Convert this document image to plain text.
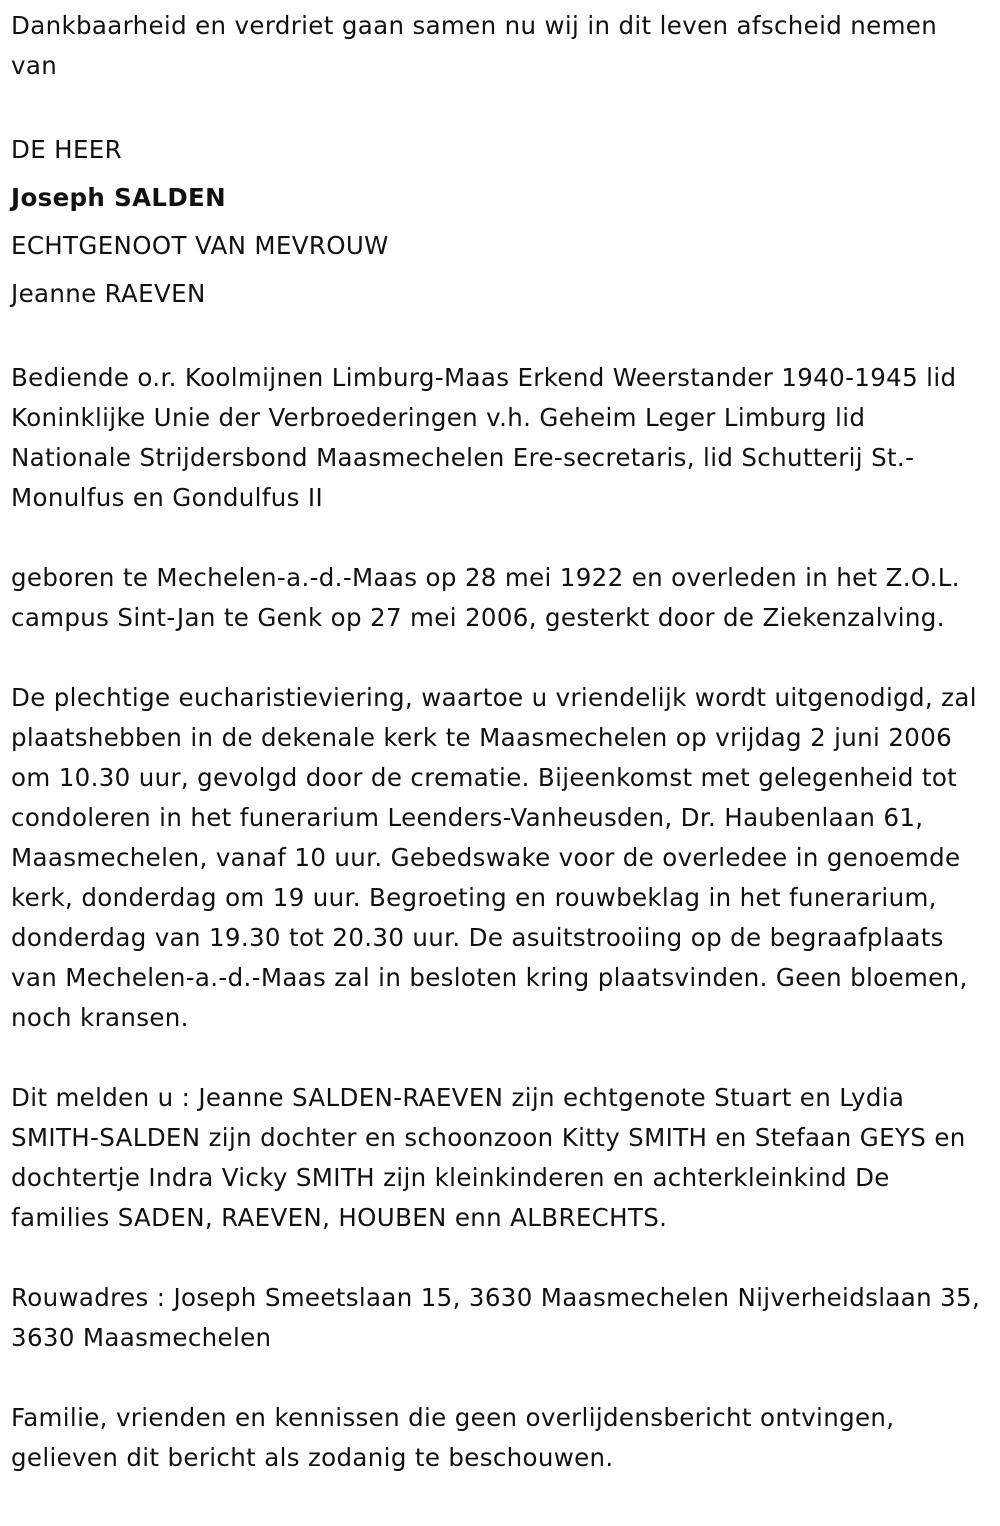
Dankbaarheid en verdriet gaan samen nu wij in dit leven afscheid nemen van

DE HEER

Joseph SALDEN

ECHTGENOOT VAN MEVROUW

Jeanne RAEVEN

Bediende o.r. Koolmijnen Limburg-Maas Erkend Weerstander 1940-1945 lid Koninklijke Unie der Verbroederingen v.h. Geheim Leger Limburg lid Nationale Strijdersbond Maasmechelen Ere-secretaris, lid Schutterij St.-Monulfus en Gondulfus II

geboren te Mechelen-a.-d.-Maas op 28 mei 1922 en overleden in het Z.O.L. campus Sint-Jan te Genk op 27 mei 2006, gesterkt door de Ziekenzalving.

De plechtige eucharistieviering, waartoe u vriendelijk wordt uitgenodigd, zal plaatshebben in de dekenale kerk te Maasmechelen op vrijdag 2 juni 2006 om 10.30 uur, gevolgd door de crematie. Bijeenkomst met gelegenheid tot condoleren in het funerarium Leenders-Vanheusden, Dr. Haubenlaan 61, Maasmechelen, vanaf 10 uur. Gebedswake voor de overledee in genoemde kerk, donderdag om 19 uur. Begroeting en rouwbeklag in het funerarium, donderdag van 19.30 tot 20.30 uur. De asuitstrooiing op de begraafplaats van Mechelen-a.-d.-Maas zal in besloten kring plaatsvinden. Geen bloemen, noch kransen.

Dit melden u : Jeanne SALDEN-RAEVEN zijn echtgenote Stuart en Lydia SMITH-SALDEN zijn dochter en schoonzoon Kitty SMITH en Stefaan GEYS en dochtertje Indra Vicky SMITH zijn kleinkinderen en achterkleinkind De families SADEN, RAEVEN, HOUBEN enn ALBRECHTS.

Rouwadres : Joseph Smeetslaan 15, 3630 Maasmechelen Nijverheidslaan 35, 3630 Maasmechelen

Familie, vrienden en kennissen die geen overlijdensbericht ontvingen, gelieven dit bericht als zodanig te beschouwen.
